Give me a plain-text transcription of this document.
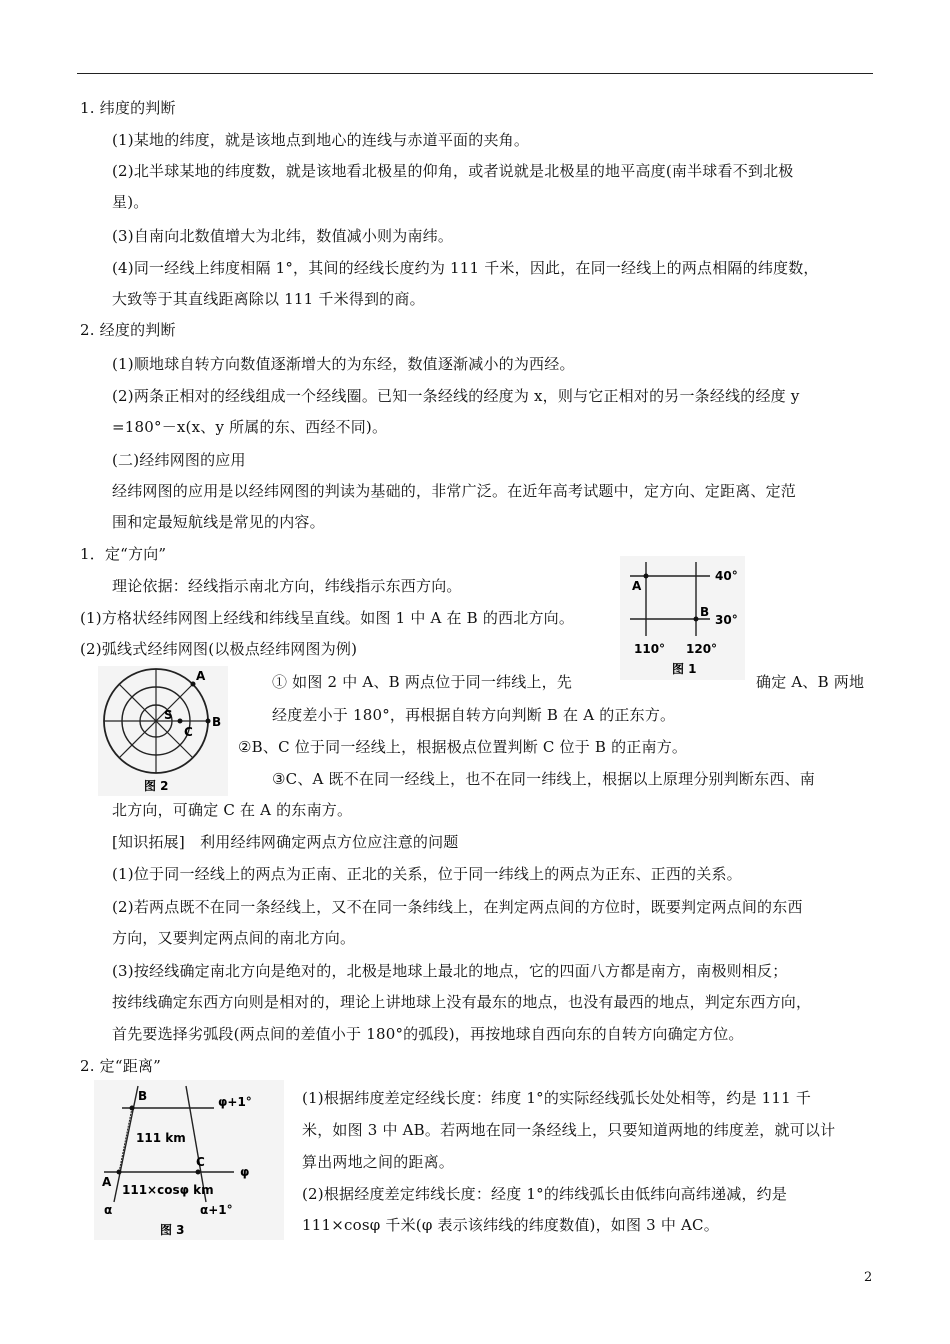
1. 纬度的判断
(1)某地的纬度，就是该地点到地心的连线与赤道平面的夹角。
(2)北半球某地的纬度数，就是该地看北极星的仰角，或者说就是北极星的地平高度(南半球看不到北极
星)。
(3)自南向北数值增大为北纬，数值减小则为南纬。
(4)同一经线上纬度相隔 1°，其间的经线长度约为 111 千米，因此，在同一经线上的两点相隔的纬度数，
大致等于其直线距离除以 111 千米得到的商。
2. 经度的判断
(1)顺地球自转方向数值逐渐增大的为东经，数值逐渐减小的为西经。
(2)两条正相对的经线组成一个经线圈。已知一条经线的经度为 x，则与它正相对的另一条经线的经度 y
=180°－x(x、y 所属的东、西经不同)。
(二)经纬网图的应用
经纬网图的应用是以经纬网图的判读为基础的，非常广泛。在近年高考试题中，定方向、定距离、定范
围和定最短航线是常见的内容。
1．定“方向”
理论依据：经线指示南北方向，纬线指示东西方向。
(1)方格状经纬网图上经线和纬线呈直线。如图 1 中 A 在 B 的西北方向。
(2)弧线式经纬网图(以极点经纬网图为例)
① 如图 2 中 A、B 两点位于同一纬线上，先	确定 A、B 两地
经度差小于 180°，再根据自转方向判断 B 在 A 的正东方。
②B、C 位于同一经线上，根据极点位置判断 C 位于 B 的正南方。
③C、A 既不在同一经线上，也不在同一纬线上，根据以上原理分别判断东西、南
北方向，可确定 C 在 A 的东南方。
[知识拓展]　利用经纬网确定两点方位应注意的问题
(1)位于同一经线上的两点为正南、正北的关系，位于同一纬线上的两点为正东、正西的关系。
(2)若两点既不在同一条经线上，又不在同一条纬线上，在判定两点间的方位时，既要判定两点间的东西
方向，又要判定两点间的南北方向。
(3)按经线确定南北方向是绝对的，北极是地球上最北的地点，它的四面八方都是南方，南极则相反；
按纬线确定东西方向则是相对的，理论上讲地球上没有最东的地点，也没有最西的地点，判定东西方向，
首先要选择劣弧段(两点间的差值小于 180°的弧段)，再按地球自西向东的自转方向确定方位。
2. 定“距离”
(1)根据纬度差定经线长度：纬度 1°的实际经线弧长处处相等，约是 111 千
米，如图 3 中 AB。若两地在同一条经线上，只要知道两地的纬度差，就可以计
算出两地之间的距离。
(2)根据经度差定纬线长度：经度 1°的纬线弧长由低纬向高纬递减，约是
111×cosφ 千米(φ 表示该纬线的纬度数值)，如图 3 中 AC。
A
B
40°
30°
110° 120°
图 1
A
B
C
S
图 2
B
A
C
φ+1°
φ
α	α+1°
111 km
111×cosφ km
图 3
2
